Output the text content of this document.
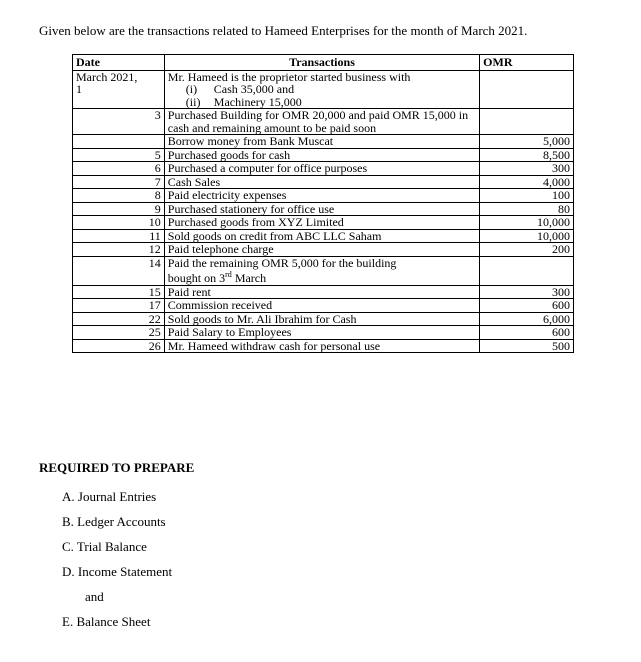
Given below are the transactions related to Hameed Enterprises for the month of March 2021.
Date	Transactions	OMR
March 2021,
1	Mr. Hameed is the proprietor started business with
(i) Cash 35,000 and
(ii) Machinery 15,000	

3	Purchased Building for OMR 20,000 and paid OMR 15,000 in cash and remaining amount to be paid soon	
	Borrow money from Bank Muscat	5,000
5	Purchased goods for cash	8,500
6	Purchased a computer for office purposes	300
7	Cash Sales	4,000
8	Paid electricity expenses	100
9	Purchased stationery for office use	80
10	Purchased goods from XYZ Limited	10,000
11	Sold goods on credit from ABC LLC Saham	10,000
12	Paid telephone charge	200
14	Paid the remaining OMR 5,000 for the building
bought on 3rd March	
15	Paid rent	300
17	Commission received	600
22	Sold goods to Mr. Ali Ibrahim for Cash	6,000
25	Paid Salary to Employees	600
26	Mr. Hameed withdraw cash for personal use	500
REQUIRED TO PREPARE
A. Journal Entries
B. Ledger Accounts
C. Trial Balance
D. Income Statement
and
E. Balance Sheet
